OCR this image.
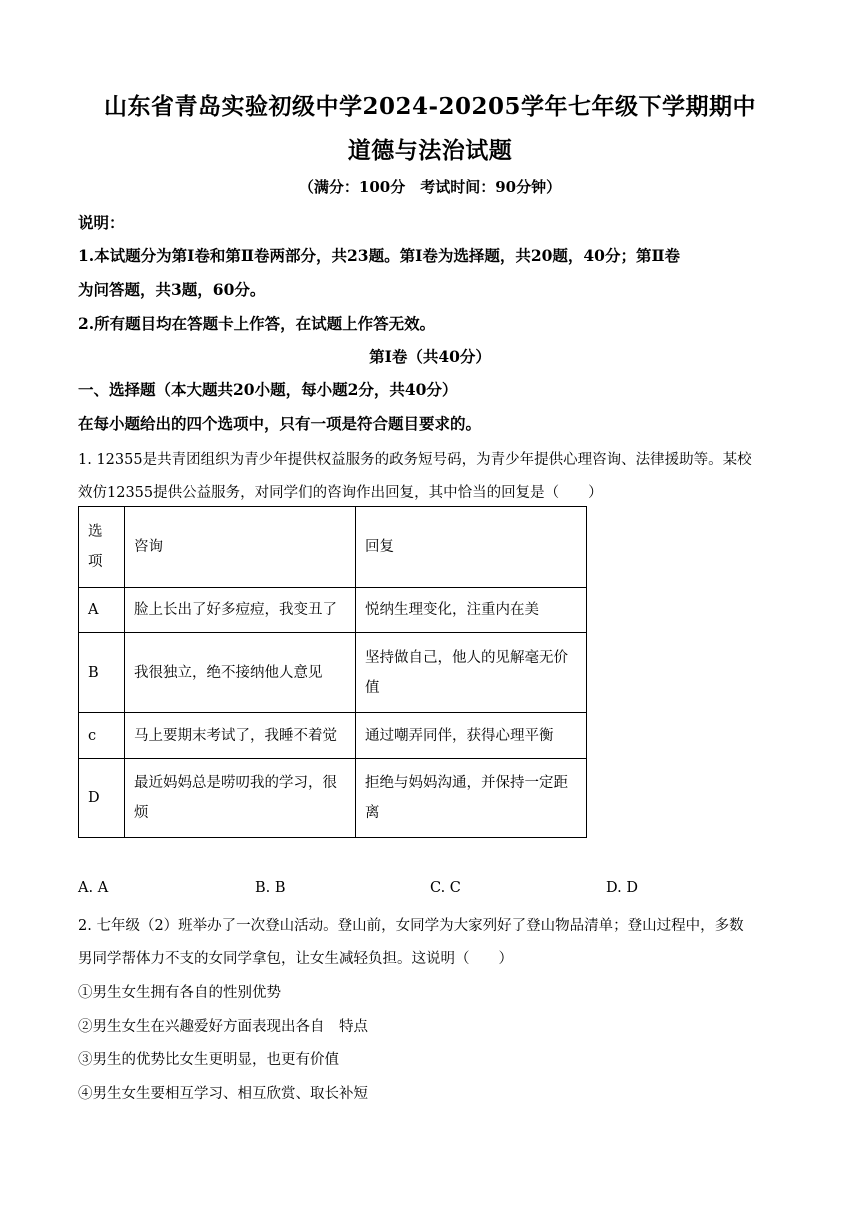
山东省青岛实验初级中学2024-20205学年七年级下学期期中
道德与法治试题
（满分：100分　考试时间：90分钟）
说明：
1.本试题分为第Ⅰ卷和第Ⅱ卷两部分，共23题。第Ⅰ卷为选择题，共20题，40分；第Ⅱ卷
为问答题，共3题，60分。
2.所有题目均在答题卡上作答，在试题上作答无效。
第Ⅰ卷（共40分）
一、选择题（本大题共20小题，每小题2分，共40分）
在每小题给出的四个选项中，只有一项是符合题目要求的。
1. 12355是共青团组织为青少年提供权益服务的政务短号码，为青少年提供心理咨询、法律援助等。某校
效仿12355提供公益服务，对同学们的咨询作出回复，其中恰当的回复是（　　）
选项	咨询	回复
A	脸上长出了好多痘痘，我变丑了	悦纳生理变化，注重内在美
B	我很独立，绝不接纳他人意见	坚持做自己，他人的见解毫无价值
c	马上要期末考试了，我睡不着觉	通过嘲弄同伴，获得心理平衡
D	最近妈妈总是唠叨我的学习，很烦	拒绝与妈妈沟通，并保持一定距离
A. A	B. B	C. C	D. D
2. 七年级（2）班举办了一次登山活动。登山前，女同学为大家列好了登山物品清单；登山过程中，多数
男同学帮体力不支的女同学拿包，让女生减轻负担。这说明（　　）
①男生女生拥有各自的性别优势
②男生女生在兴趣爱好方面表现出各自　特点
③男生的优势比女生更明显，也更有价值
④男生女生要相互学习、相互欣赏、取长补短
